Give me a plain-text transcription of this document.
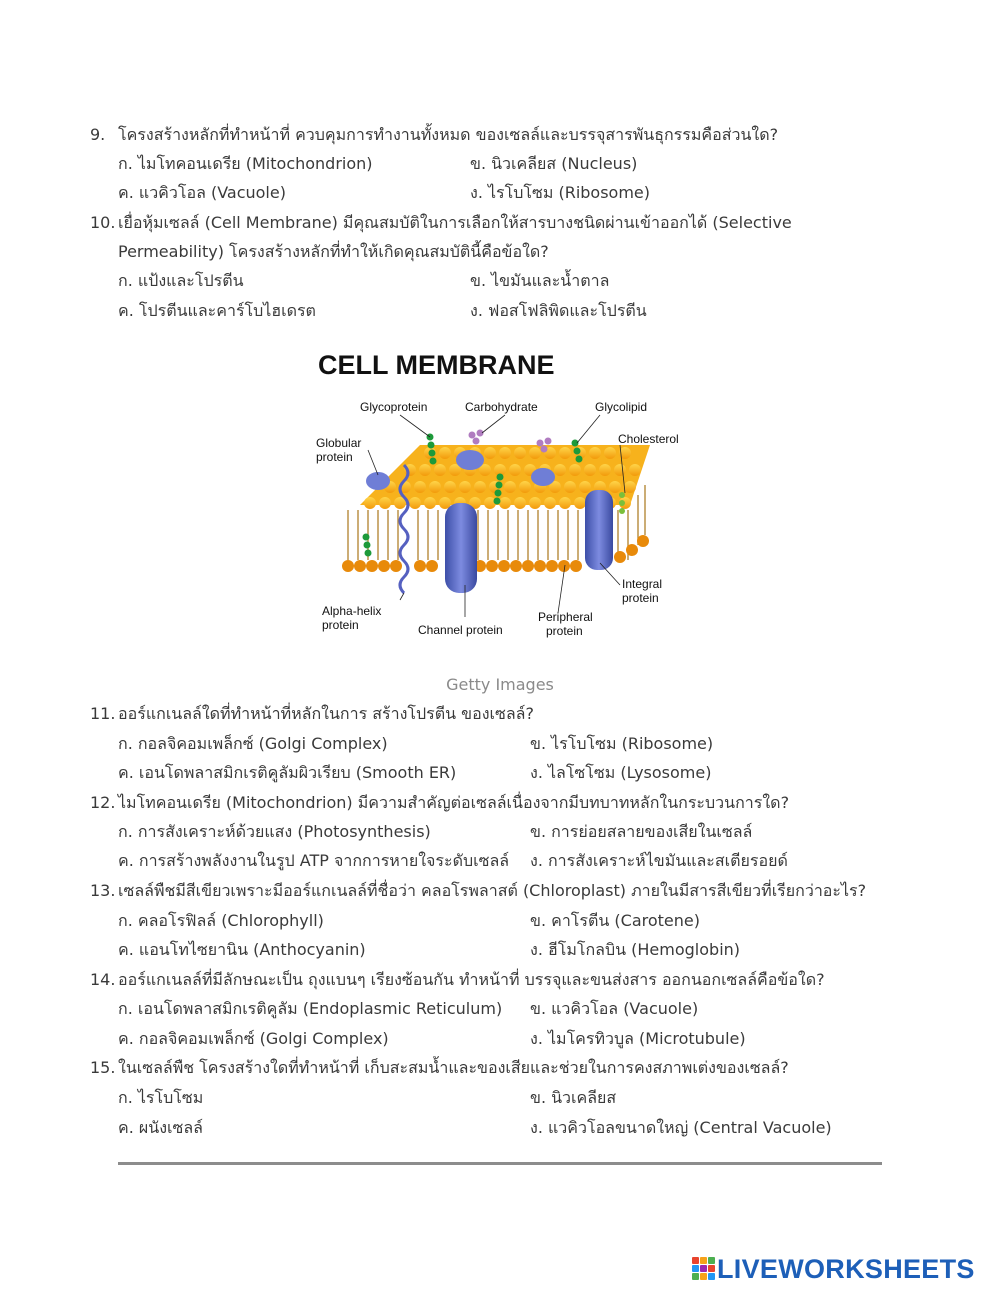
9. โครงสร้างหลักที่ทำหน้าที่ ควบคุมการทำงานทั้งหมด ของเซลล์และบรรจุสารพันธุกรรมคือส่วนใด?
ก. ไมโทคอนเดรีย (Mitochondrion)	ข. นิวเคลียส (Nucleus)
ค. แวคิวโอล (Vacuole)	ง. ไรโบโซม (Ribosome)
10. เยื่อหุ้มเซลล์ (Cell Membrane) มีคุณสมบัติในการเลือกให้สารบางชนิดผ่านเข้าออกได้ (Selective
Permeability) โครงสร้างหลักที่ทำให้เกิดคุณสมบัตินี้คือข้อใด?
ก. แป้งและโปรตีน	ข. ไขมันและน้ำตาล
ค. โปรตีนและคาร์โบไฮเดรต	ง. ฟอสโฟลิพิดและโปรตีน
CELL MEMBRANE
Glycoprotein	Carbohydrate	Glycolipid
Cholesterol
Globular
protein
Integral
protein
Alpha-helix
protein	Channel protein
Peripheral
protein
Getty Images
11. ออร์แกเนลล์ใดที่ทำหน้าที่หลักในการ สร้างโปรตีน ของเซลล์?
ก. กอลจิคอมเพล็กซ์ (Golgi Complex)	ข. ไรโบโซม (Ribosome)
ค. เอนโดพลาสมิกเรติคูลัมผิวเรียบ (Smooth ER)	ง. ไลโซโซม (Lysosome)
12. ไมโทคอนเดรีย (Mitochondrion) มีความสำคัญต่อเซลล์เนื่องจากมีบทบาทหลักในกระบวนการใด?
ก. การสังเคราะห์ด้วยแสง (Photosynthesis)	ข. การย่อยสลายของเสียในเซลล์
ค. การสร้างพลังงานในรูป ATP จากการหายใจระดับเซลล์ ง. การสังเคราะห์ไขมันและสเตียรอยด์
13. เซลล์พืชมีสีเขียวเพราะมีออร์แกเนลล์ที่ชื่อว่า คลอโรพลาสต์ (Chloroplast) ภายในมีสารสีเขียวที่เรียกว่าอะไร?
ก. คลอโรฟิลล์ (Chlorophyll)	ข. คาโรตีน (Carotene)
ค. แอนโทไซยานิน (Anthocyanin)	ง. ฮีโมโกลบิน (Hemoglobin)
14. ออร์แกเนลล์ที่มีลักษณะเป็น ถุงแบนๆ เรียงซ้อนกัน ทำหน้าที่ บรรจุและขนส่งสาร ออกนอกเซลล์คือข้อใด?
ก. เอนโดพลาสมิกเรติคูลัม (Endoplasmic Reticulum) ข. แวคิวโอล (Vacuole)
ค. กอลจิคอมเพล็กซ์ (Golgi Complex)	ง. ไมโครทิวบูล (Microtubule)
15. ในเซลล์พืช โครงสร้างใดที่ทำหน้าที่ เก็บสะสมน้ำและของเสียและช่วยในการคงสภาพเต่งของเซลล์?
ก. ไรโบโซม	ข. นิวเคลียส
ค. ผนังเซลล์	ง. แวคิวโอลขนาดใหญ่ (Central Vacuole)
LIVEWORKSHEETS
